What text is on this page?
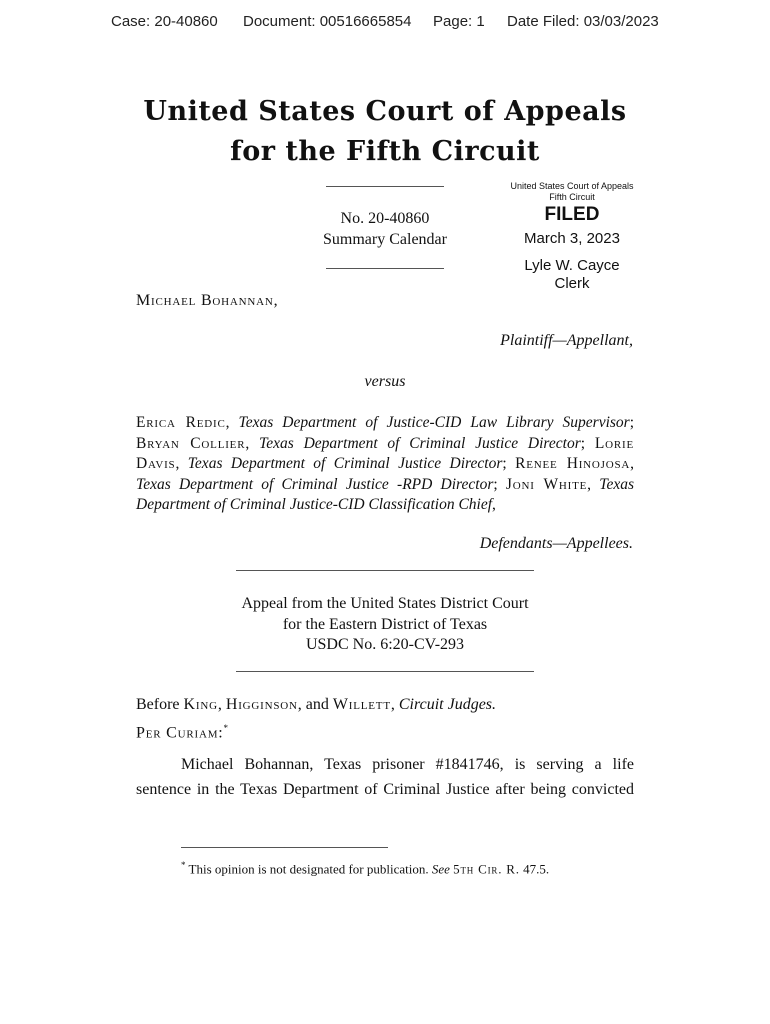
Case: 20-40860 Document: 00516665854 Page: 1 Date Filed: 03/03/2023
United States Court of Appeals
for the Fifth Circuit
No. 20-40860
Summary Calendar
United States Court of Appeals
Fifth Circuit
FILED
March 3, 2023
Lyle W. Cayce
Clerk
Michael Bohannan,
Plaintiff—Appellant,
versus
Erica Redic, Texas Department of Justice-CID Law Library Supervisor; Bryan Collier, Texas Department of Criminal Justice Director; Lorie Davis, Texas Department of Criminal Justice Director; Renee Hinojosa, Texas Department of Criminal Justice -RPD Director; Joni White, Texas Department of Criminal Justice-CID Classification Chief,
Defendants—Appellees.
Appeal from the United States District Court
for the Eastern District of Texas
USDC No. 6:20-CV-293
Before King, Higginson, and Willett, Circuit Judges.
Per Curiam:*
Michael Bohannan, Texas prisoner #1841746, is serving a life
sentence in the Texas Department of Criminal Justice after being convicted
* This opinion is not designated for publication. See 5th Cir. R. 47.5.
